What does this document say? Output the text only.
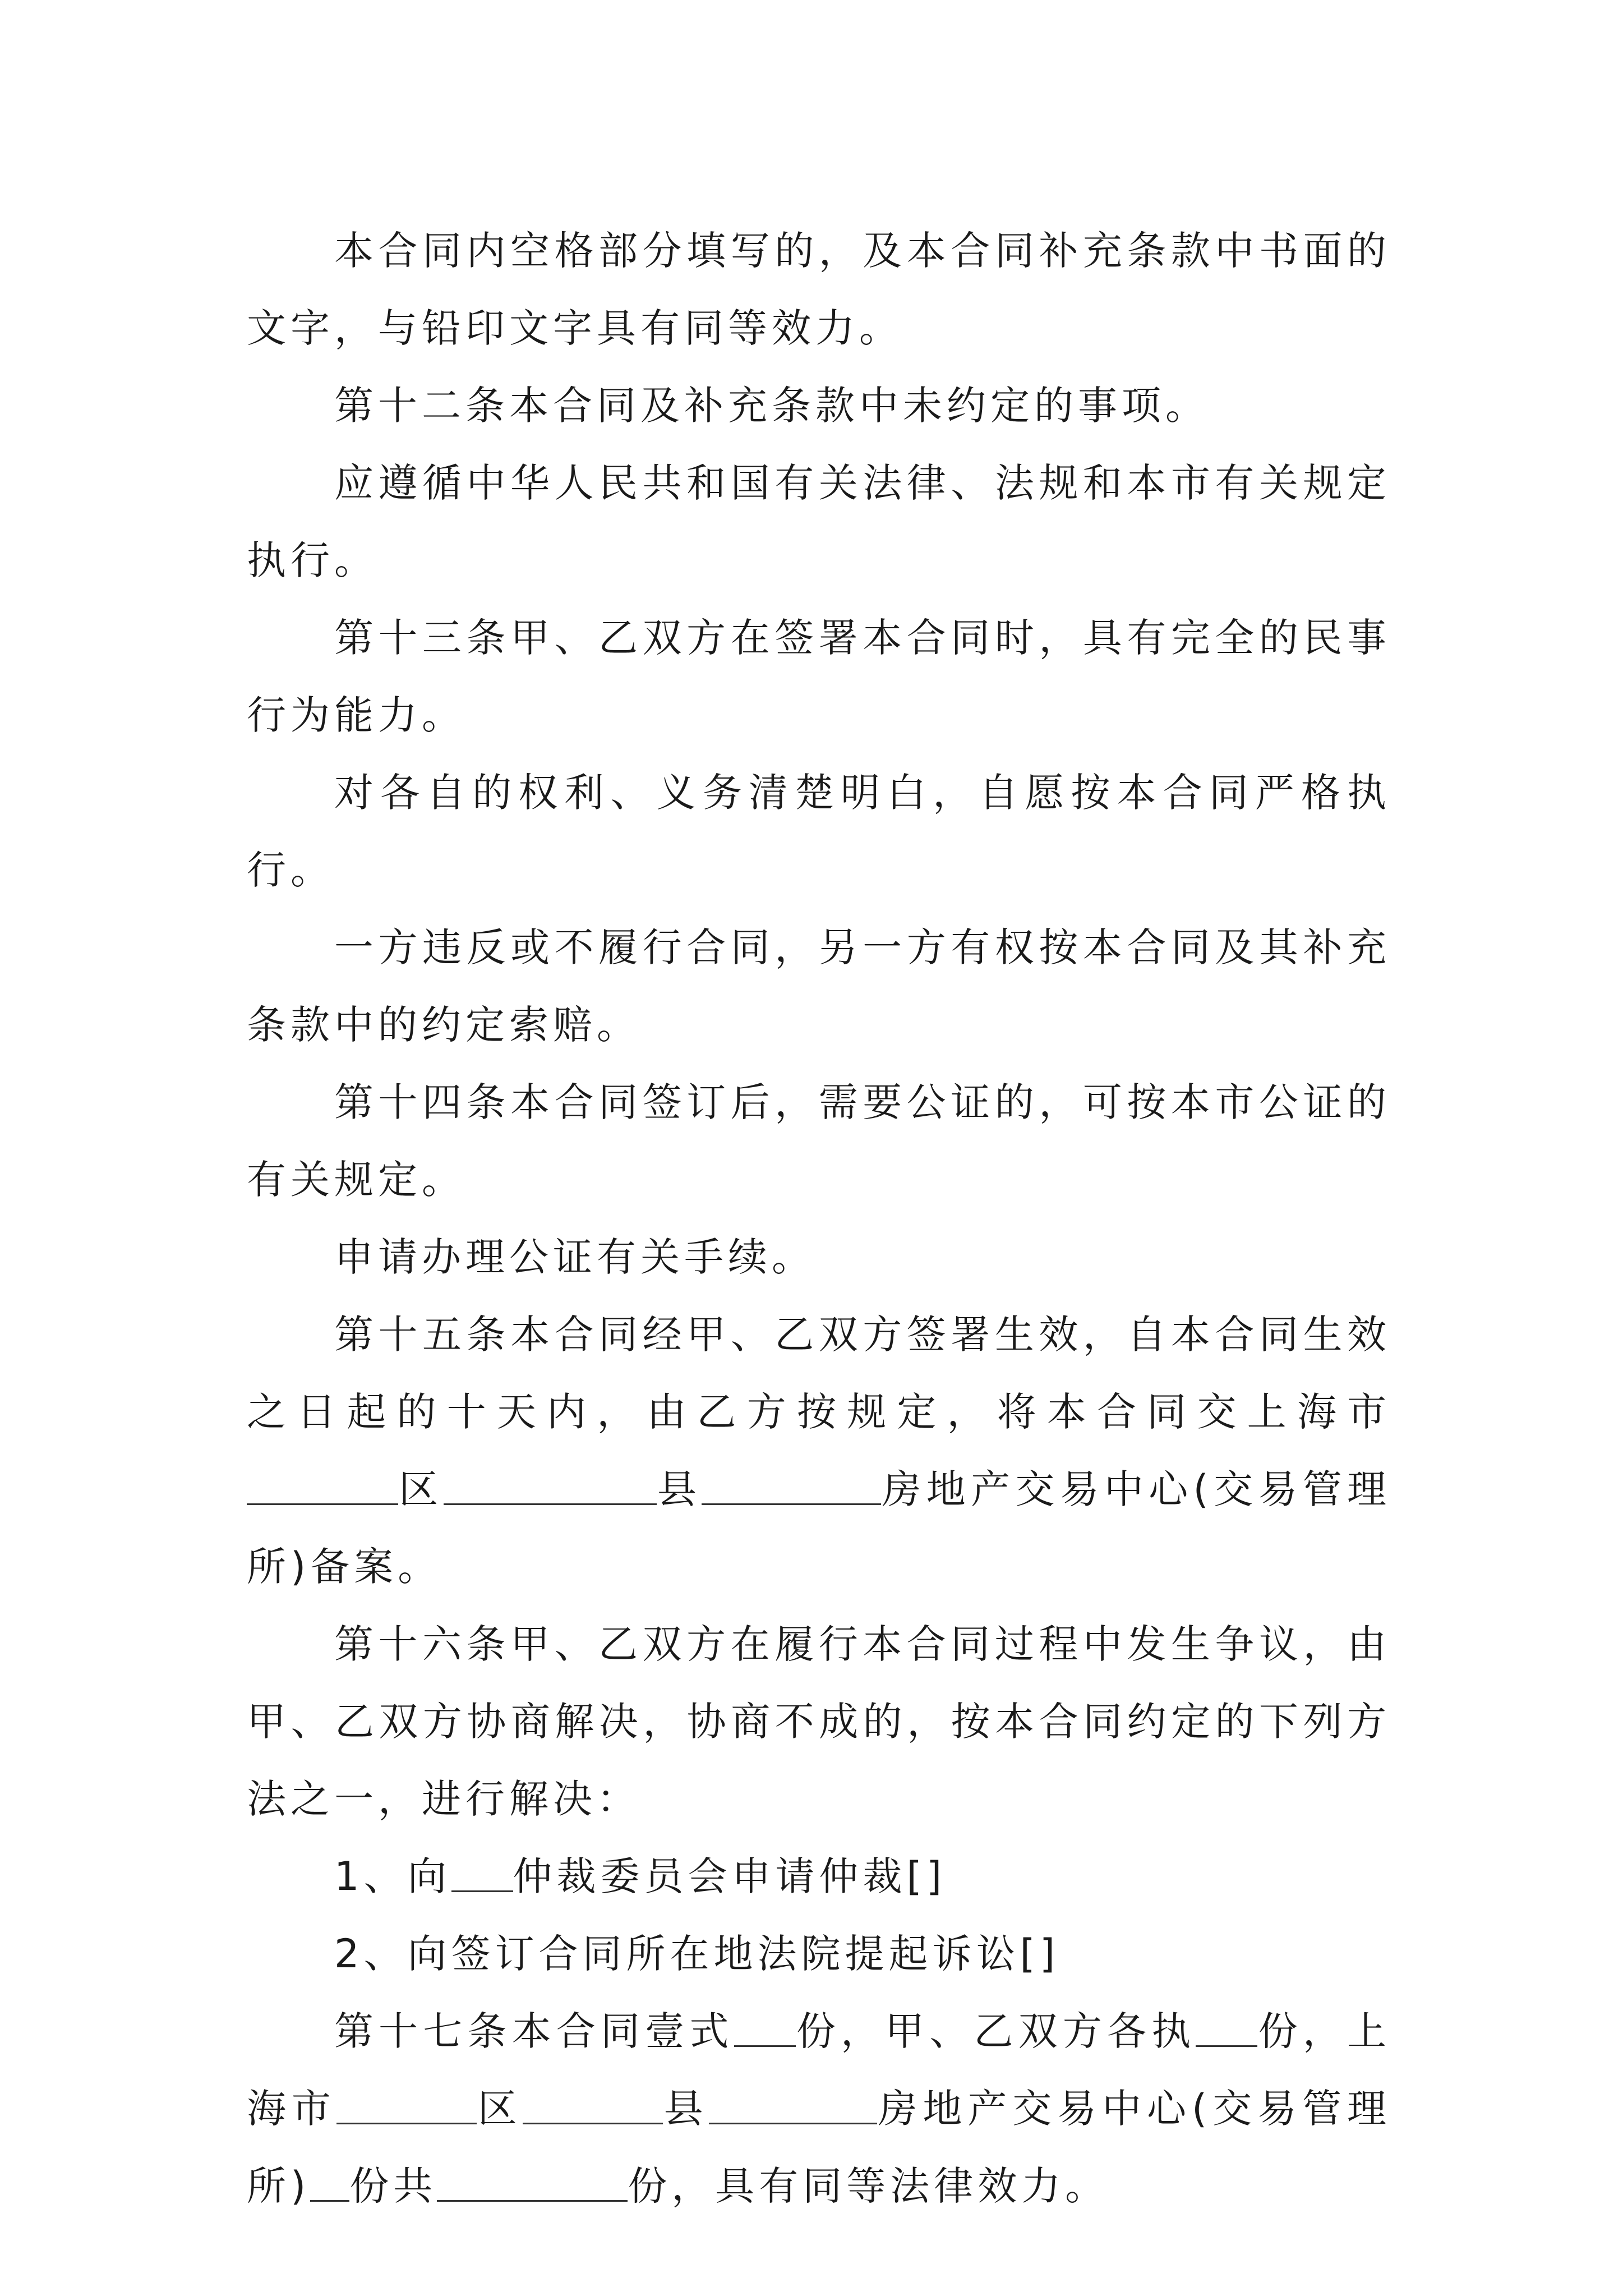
本合同内空格部分填写的，及本合同补充条款中书面的文字，与铅印文字具有同等效力。

第十二条本合同及补充条款中未约定的事项。

应遵循中华人民共和国有关法律、法规和本市有关规定执行。

第十三条甲、乙双方在签署本合同时，具有完全的民事行为能力。

对各自的权利、义务清楚明白，自愿按本合同严格执行。

一方违反或不履行合同，另一方有权按本合同及其补充条款中的约定索赔。

第十四条本合同签订后，需要公证的，可按本市公证的有关规定。

申请办理公证有关手续。

第十五条本合同经甲、乙双方签署生效，自本合同生效之日起的十天内，由乙方按规定，将本合同交上海市区	县	房地产交易中心(交易管理所)备案。

第十六条甲、乙双方在履行本合同过程中发生争议，由甲、乙双方协商解决，协商不成的，按本合同约定的下列方法之一，进行解决：

1、向 仲裁委员会申请仲裁[]

2、向签订合同所在地法院提起诉讼[]

第十七条本合同壹式 份，甲、乙双方各执 份，上海市	区	县	房地产交易中心(交易管理所) 份共	份，具有同等法律效力。
